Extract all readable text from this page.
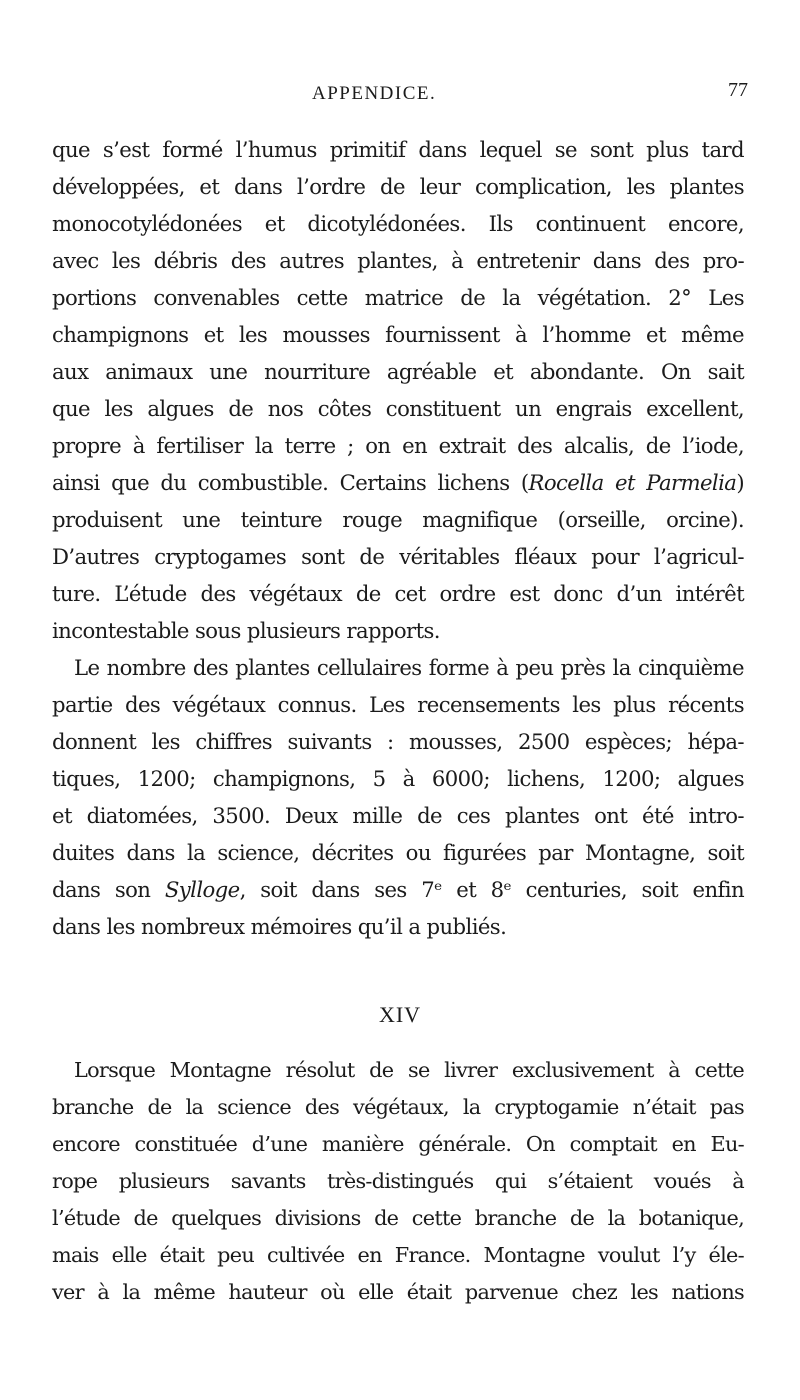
APPENDICE.	77
que s’est formé l’humus primitif dans lequel se sont plus tard
développées, et dans l’ordre de leur complication, les plantes
monocotylédonées et dicotylédonées. Ils continuent encore,
avec les débris des autres plantes, à entretenir dans des pro-
portions convenables cette matrice de la végétation. 2° Les
champignons et les mousses fournissent à l’homme et même
aux animaux une nourriture agréable et abondante. On sait
que les algues de nos côtes constituent un engrais excellent,
propre à fertiliser la terre ; on en extrait des alcalis, de l’iode,
ainsi que du combustible. Certains lichens (Rocella et Parmelia)
produisent une teinture rouge magnifique (orseille, orcine).
D’autres cryptogames sont de véritables fléaux pour l’agricul-
ture. L’étude des végétaux de cet ordre est donc d’un intérêt
incontestable sous plusieurs rapports.
Le nombre des plantes cellulaires forme à peu près la cinquième
partie des végétaux connus. Les recensements les plus récents
donnent les chiffres suivants : mousses, 2500 espèces; hépa-
tiques, 1200; champignons, 5 à 6000; lichens, 1200; algues
et diatomées, 3500. Deux mille de ces plantes ont été intro-
duites dans la science, décrites ou figurées par Montagne, soit
dans son Sylloge, soit dans ses 7ᵉ et 8ᵉ centuries, soit enfin
dans les nombreux mémoires qu’il a publiés.
XIV
Lorsque Montagne résolut de se livrer exclusivement à cette
branche de la science des végétaux, la cryptogamie n’était pas
encore constituée d’une manière générale. On comptait en Eu-
rope plusieurs savants très-distingués qui s’étaient voués à
l’étude de quelques divisions de cette branche de la botanique,
mais elle était peu cultivée en France. Montagne voulut l’y éle-
ver à la même hauteur où elle était parvenue chez les nations
